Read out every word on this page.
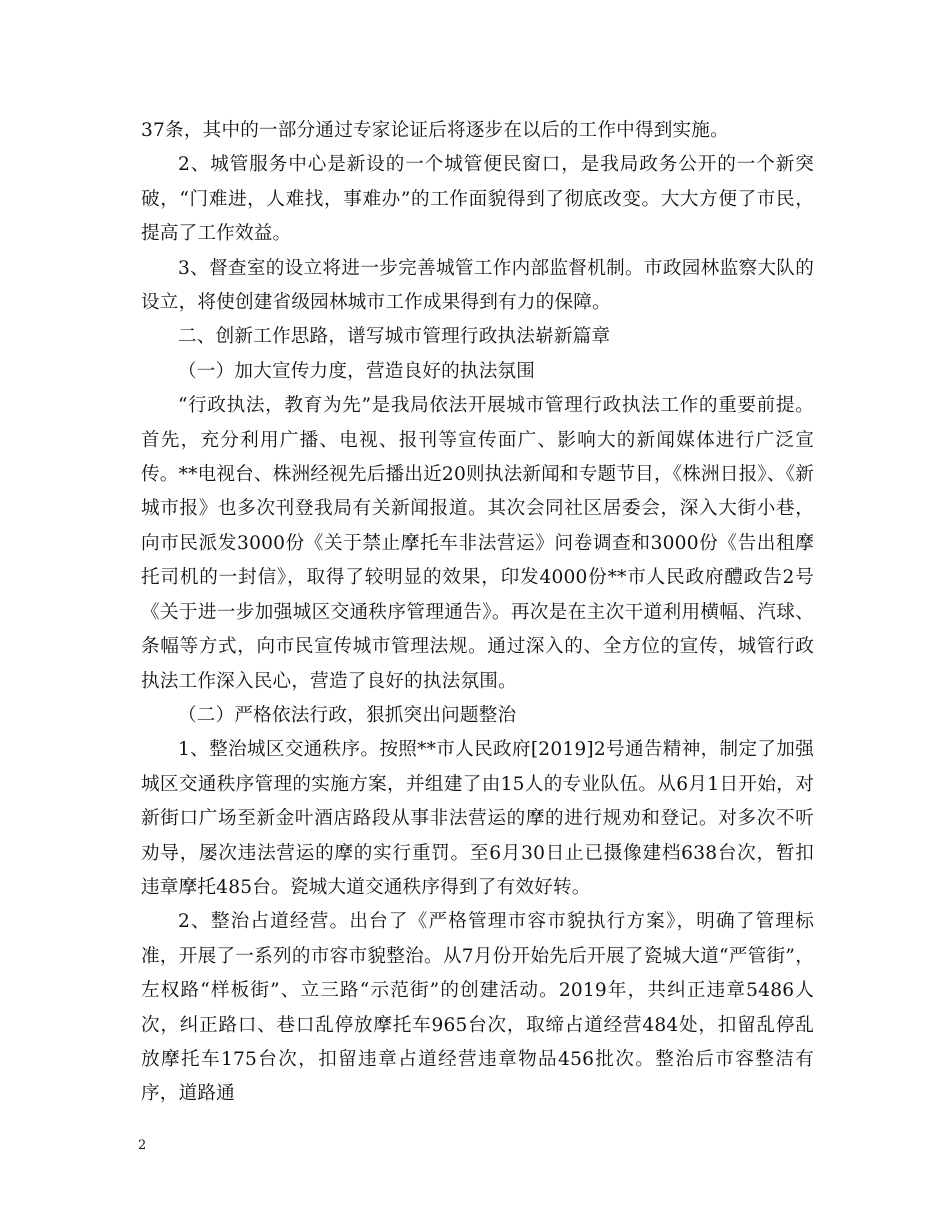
37条，其中的一部分通过专家论证后将逐步在以后的工作中得到实施。

2、城管服务中心是新设的一个城管便民窗口，是我局政务公开的一个新突破，“门难进，人难找，事难办”的工作面貌得到了彻底改变。大大方便了市民，提高了工作效益。

3、督查室的设立将进一步完善城管工作内部监督机制。市政园林监察大队的设立，将使创建省级园林城市工作成果得到有力的保障。

二、创新工作思路，谱写城市管理行政执法崭新篇章

（一）加大宣传力度，营造良好的执法氛围

“行政执法，教育为先”是我局依法开展城市管理行政执法工作的重要前提。首先，充分利用广播、电视、报刊等宣传面广、影响大的新闻媒体进行广泛宣传。**电视台、株洲经视先后播出近20则执法新闻和专题节目，《株洲日报》、《新城市报》也多次刊登我局有关新闻报道。其次会同社区居委会，深入大街小巷，向市民派发3000份《关于禁止摩托车非法营运》问卷调查和3000份《告出租摩托司机的一封信》，取得了较明显的效果，印发4000份**市人民政府醴政告2号《关于进一步加强城区交通秩序管理通告》。再次是在主次干道利用横幅、汽球、条幅等方式，向市民宣传城市管理法规。通过深入的、全方位的宣传，城管行政执法工作深入民心，营造了良好的执法氛围。

（二）严格依法行政，狠抓突出问题整治

1、整治城区交通秩序。按照**市人民政府[2019]2号通告精神，制定了加强城区交通秩序管理的实施方案，并组建了由15人的专业队伍。从6月1日开始，对新街口广场至新金叶酒店路段从事非法营运的摩的进行规劝和登记。对多次不听劝导，屡次违法营运的摩的实行重罚。至6月30日止已摄像建档638台次，暂扣违章摩托485台。瓷城大道交通秩序得到了有效好转。

2、整治占道经营。出台了《严格管理市容市貌执行方案》，明确了管理标准，开展了一系列的市容市貌整治。从7月份开始先后开展了瓷城大道“严管街”，左权路“样板街”、立三路“示范街”的创建活动。2019年，共纠正违章5486人次，纠正路口、巷口乱停放摩托车965台次，取缔占道经营484处，扣留乱停乱放摩托车175台次，扣留违章占道经营违章物品456批次。整治后市容整洁有序，道路通

2
